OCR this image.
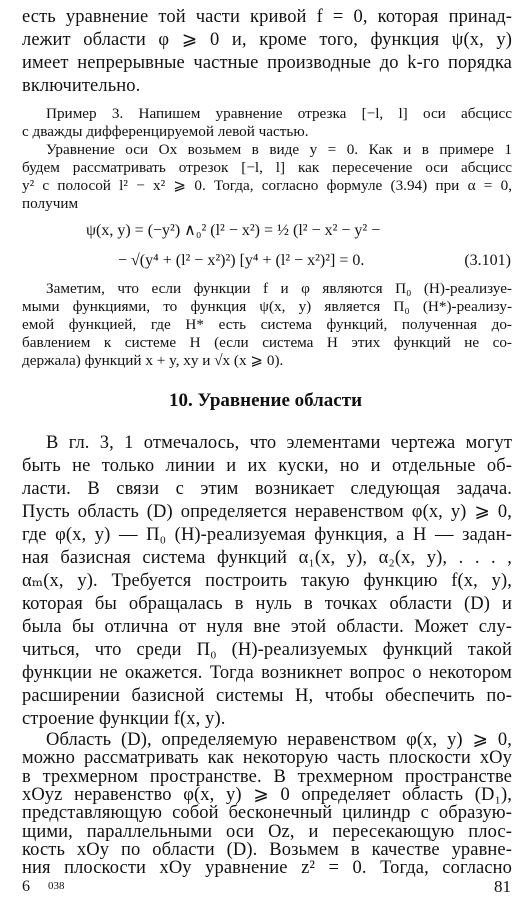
есть уравнение той части кривой f = 0, которая принад-
лежит области φ ⩾ 0 и, кроме того, функция ψ(x, y)
имеет непрерывные частные производные до k-го порядка
включительно.
Пример 3. Напишем уравнение отрезка [−l, l] оси абсцисс
с дважды дифференцируемой левой частью.
Уравнение оси Ox возьмем в виде y = 0. Как и в примере 1
будем рассматривать отрезок [−l, l] как пересечение оси абсцисс
y² с полосой l² − x² ⩾ 0. Тогда, согласно формуле (3.94) при α = 0,
получим
ψ(x, y) = (−y²) ∧₀² (l² − x²) = ½ (l² − x² − y² −
− √(y⁴ + (l² − x²)²) [y⁴ + (l² − x²)²] = 0.	(3.101)
Заметим, что если функции f и φ являются П₀ (H)-реализуе-
мыми функциями, то функция ψ(x, y) является П₀ (H*)-реализу-
емой функцией, где H* есть система функций, полученная до-
бавлением к системе H (если система H этих функций не со-
держала) функций x + y, xy и √x (x ⩾ 0).
10. Уравнение области
В гл. 3, 1 отмечалось, что элементами чертежа могут
быть не только линии и их куски, но и отдельные об-
ласти. В связи с этим возникает следующая задача.
Пусть область (D) определяется неравенством φ(x, y) ⩾ 0,
где φ(x, y) — П₀ (H)-реализуемая функция, а H — задан-
ная базисная система функций α₁(x, y), α₂(x, y), . . . ,
αₘ(x, y). Требуется построить такую функцию f(x, y),
которая бы обращалась в нуль в точках области (D) и
была бы отлична от нуля вне этой области. Может слу-
читься, что среди П₀ (H)-реализуемых функций такой
функции не окажется. Тогда возникнет вопрос о некотором
расширении базисной системы H, чтобы обеспечить по-
строение функции f(x, y).
6 038	81
Область (D), определяемую неравенством φ(x, y) ⩾ 0,
можно рассматривать как некоторую часть плоскости xOy
в трехмерном пространстве. В трехмерном пространстве
xOyz неравенство φ(x, y) ⩾ 0 определяет область (D₁),
представляющую собой бесконечный цилиндр с образую-
щими, параллельными оси Oz, и пересекающую плос-
кость xOy по области (D). Возьмем в качестве уравне-
ния плоскости xOy уравнение z² = 0. Тогда, согласно
